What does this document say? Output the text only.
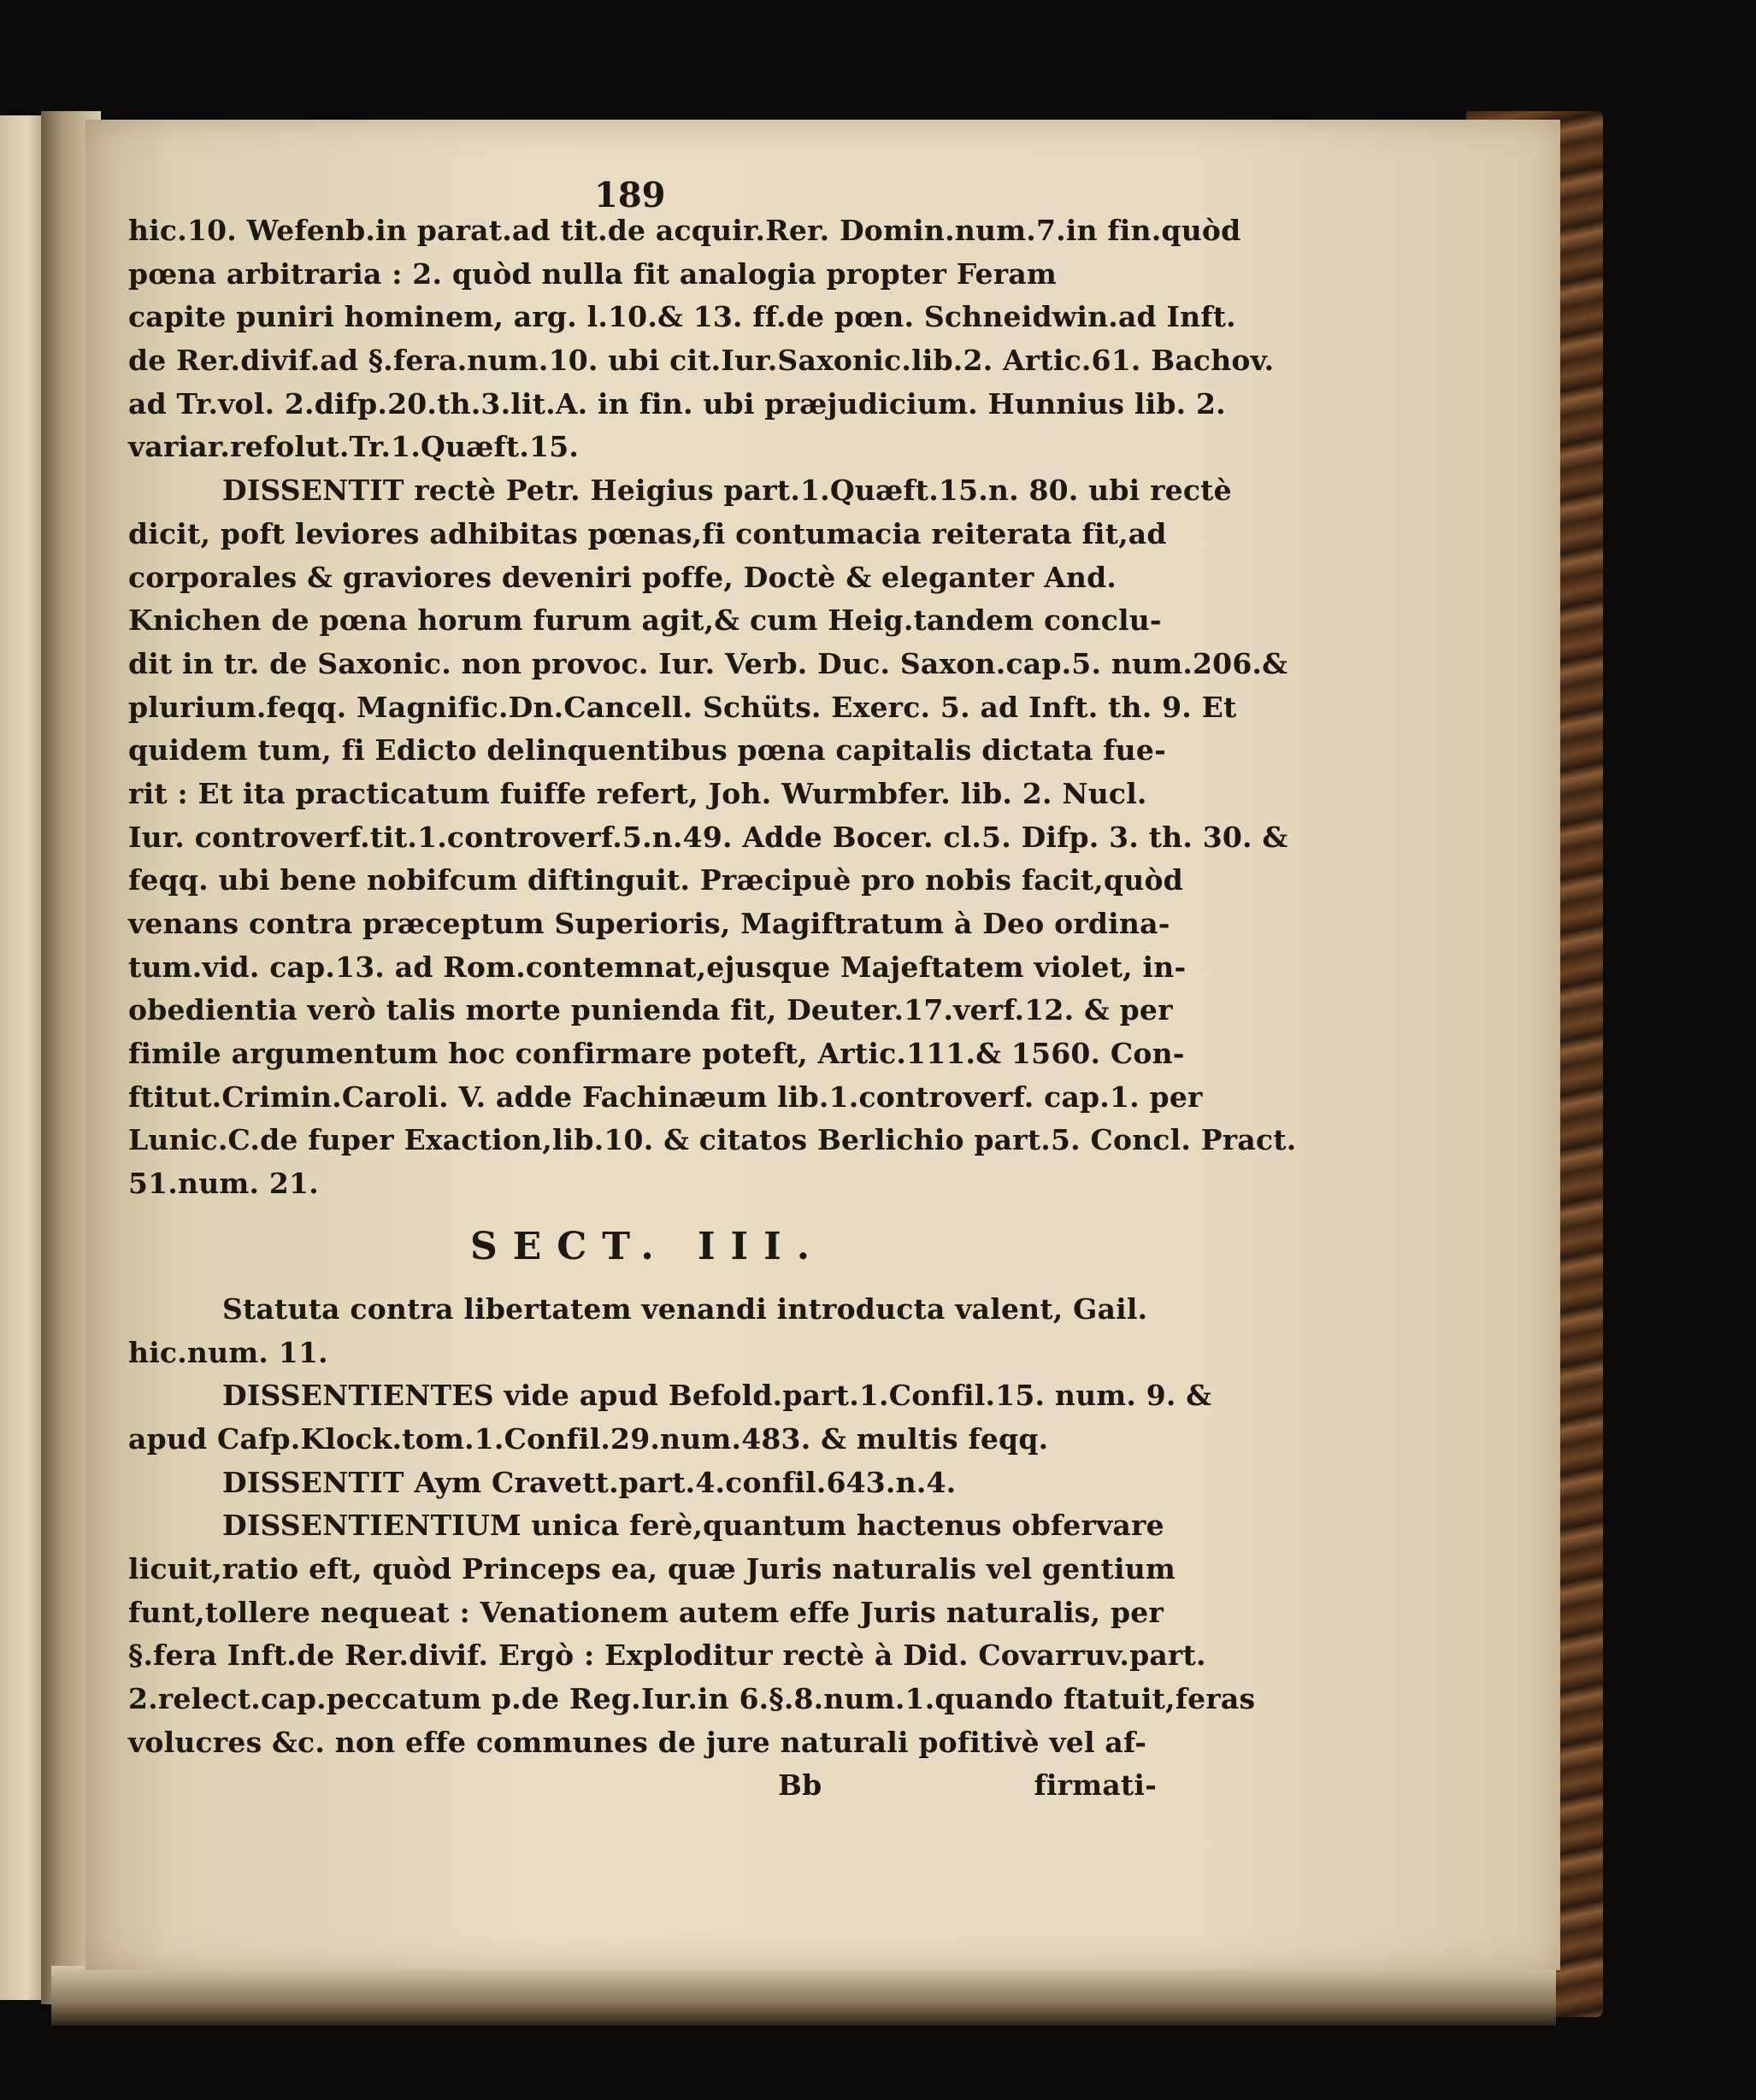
189
hic.10. Wefenb.in parat.ad tit.de acquir.Rer. Domin.num.7.in fin.quòd
pœna arbitraria : 2. quòd nulla fit analogia propter Feram
capite puniri hominem, arg. l.10.& 13. ff.de pœn. Schneidwin.ad Inft.
de Rer.divif.ad §.fera.num.10. ubi cit.Iur.Saxonic.lib.2. Artic.61. Bachov.
ad Tr.vol. 2.difp.20.th.3.lit.A. in fin. ubi præjudicium. Hunnius lib. 2.
variar.refolut.Tr.1.Quæft.15.
DISSENTIT rectè Petr. Heigius part.1.Quæft.15.n. 80. ubi rectè
dicit, poft leviores adhibitas pœnas,fi contumacia reiterata fit,ad
corporales & graviores deveniri poffe, Doctè & eleganter And.
Knichen de pœna horum furum agit,& cum Heig.tandem conclu-
dit in tr. de Saxonic. non provoc. Iur. Verb. Duc. Saxon.cap.5. num.206.&
plurium.feqq. Magnific.Dn.Cancell. Schüts. Exerc. 5. ad Inft. th. 9. Et
quidem tum, fi Edicto delinquentibus pœna capitalis dictata fue-
rit : Et ita practicatum fuiffe refert, Joh. Wurmbfer. lib. 2. Nucl.
Iur. controverf.tit.1.controverf.5.n.49. Adde Bocer. cl.5. Difp. 3. th. 30. &
feqq. ubi bene nobifcum diftinguit. Præcipuè pro nobis facit,quòd
venans contra præceptum Superioris, Magiftratum à Deo ordina-
tum.vid. cap.13. ad Rom.contemnat,ejusque Majeftatem violet, in-
obedientia verò talis morte punienda fit, Deuter.17.verf.12. & per
fimile argumentum hoc confirmare poteft, Artic.111.& 1560. Con-
ftitut.Crimin.Caroli. V. adde Fachinæum lib.1.controverf. cap.1. per
Lunic.C.de fuper Exaction,lib.10. & citatos Berlichio part.5. Concl. Pract.
51.num. 21.
SECT. III.
Statuta contra libertatem venandi introducta valent, Gail.
hic.num. 11.
DISSENTIENTES vide apud Befold.part.1.Confil.15. num. 9. &
apud Cafp.Klock.tom.1.Confil.29.num.483. & multis feqq.
DISSENTIT Aym Cravett.part.4.confil.643.n.4.
DISSENTIENTIUM unica ferè,quantum hactenus obfervare
licuit,ratio eft, quòd Princeps ea, quæ Juris naturalis vel gentium
funt,tollere nequeat : Venationem autem effe Juris naturalis, per
§.fera Inft.de Rer.divif. Ergò : Exploditur rectè à Did. Covarruv.part.
2.relect.cap.peccatum p.de Reg.Iur.in 6.§.8.num.1.quando ftatuit,feras
volucres &c. non effe communes de jure naturali pofitivè vel af-
Bb	firmati-
